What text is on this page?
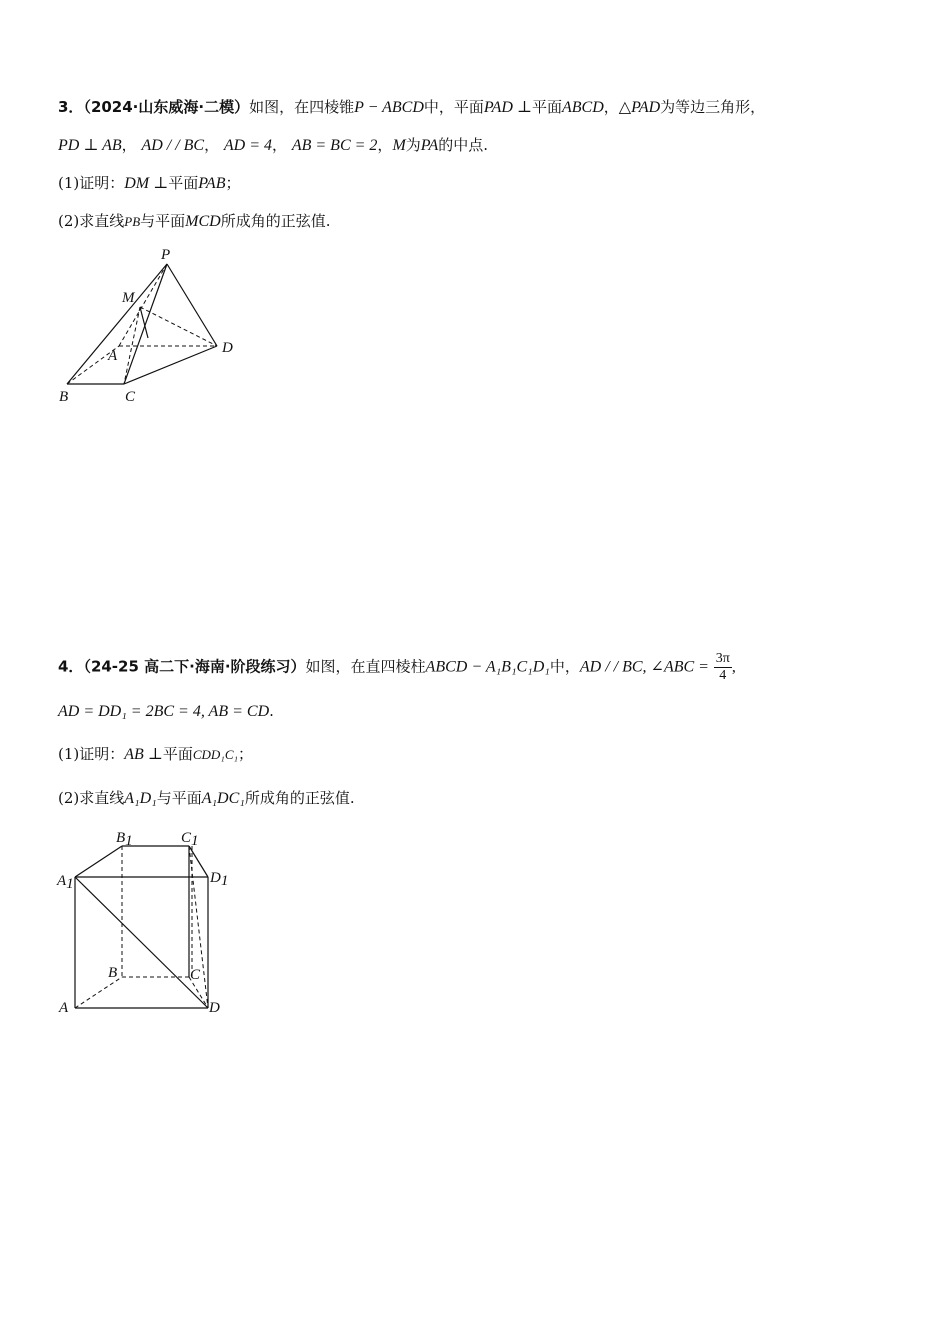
3．（2024·山东威海·二模）如图，在四棱锥P − ABCD中，平面PAD ⊥平面ABCD，△PAD为等边三角形，
PD ⊥ AB， AD / / BC， AD = 4， AB = BC = 2，M为PA的中点.
(1)证明：DM ⊥平面PAB；
(2)求直线PB与平面MCD所成角的正弦值.
P
M
A	D
B	C
4．（24-25 高二下·海南·阶段练习）如图，在直四棱柱ABCD − A₁B₁C₁D₁中，AD / / BC, ∠ABC = $\frac{3\pi}{4}$ ,
AD = DD₁ = 2BC = 4, AB = CD.
(1)证明：AB ⊥平面CDD₁C₁；
(2)求直线A₁D₁与平面A₁DC₁所成角的正弦值.
B1	C1
A1	D1
B	C
A	D
